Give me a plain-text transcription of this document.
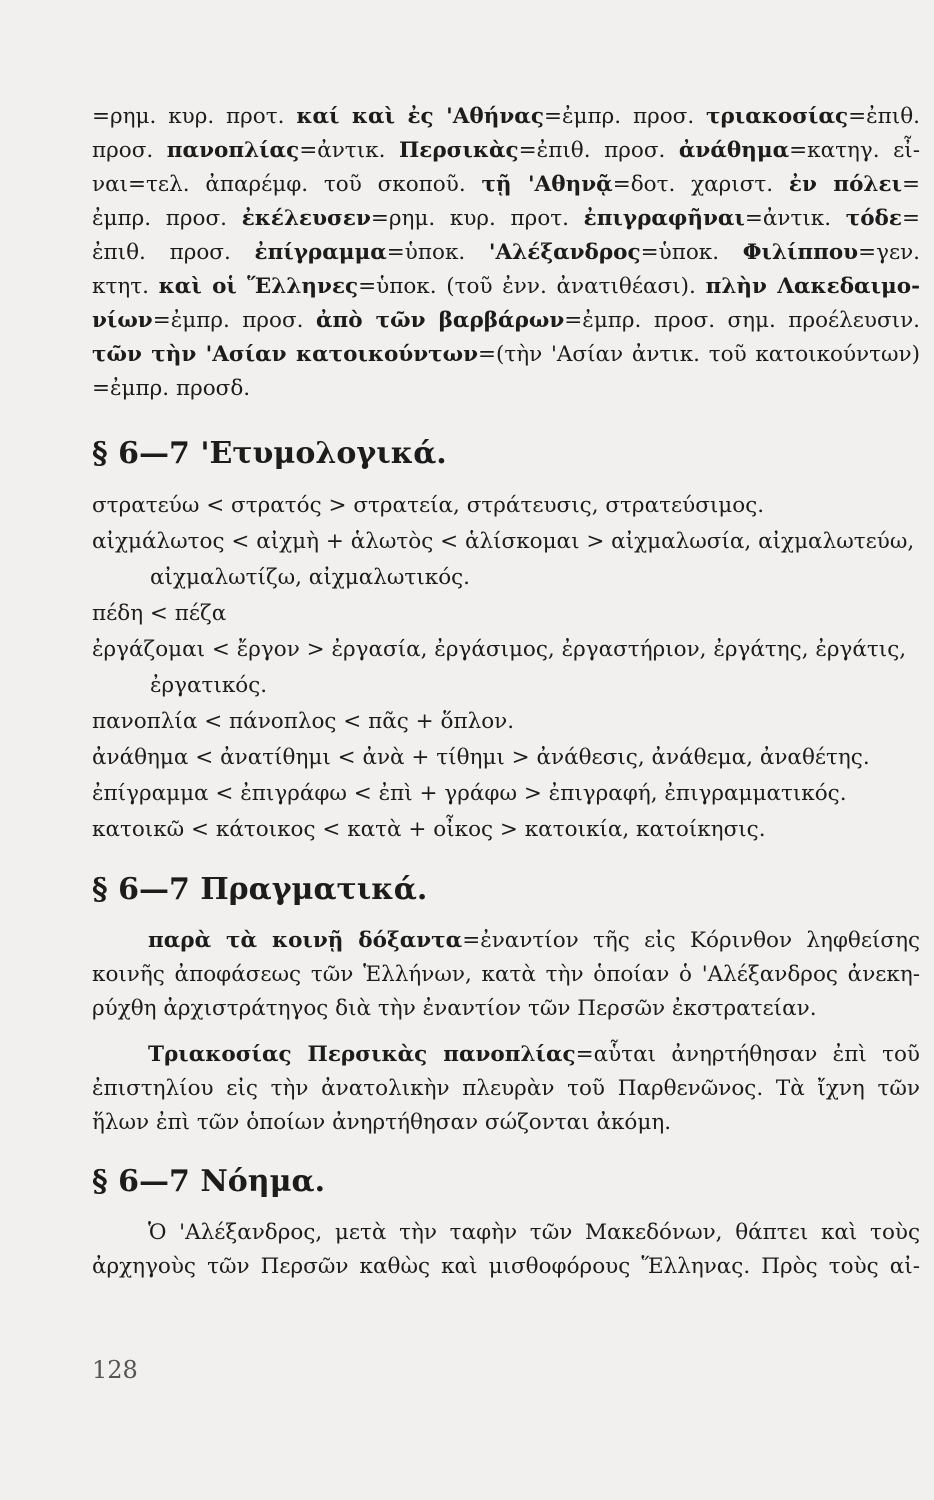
=ρημ. κυρ. προτ. καί καὶ ἐς 'Αθήνας=ἐμπρ. προσ. τριακοσίας=ἐπιθ.
προσ. πανοπλίας=ἀντικ. Περσικὰς=ἐπιθ. προσ. ἀνάθημα=κατηγ. εἶ-
ναι=τελ. ἀπαρέμφ. τοῦ σκοποῦ. τῇ 'Αθηνᾷ=δοτ. χαριστ. ἐν πόλει=
ἐμπρ. προσ. ἐκέλευσεν=ρημ. κυρ. προτ. ἐπιγραφῆναι=ἀντικ. τόδε=
ἐπιθ. προσ. ἐπίγραμμα=ὑποκ. 'Αλέξανδρος=ὑποκ. Φιλίππου=γεν.
κτητ. καὶ οἱ Ἕλληνες=ὑποκ. (τοῦ ἐνν. ἀνατιθέασι). πλὴν Λακεδαιμο-
νίων=ἐμπρ. προσ. ἀπὸ τῶν βαρβάρων=ἐμπρ. προσ. σημ. προέλευσιν.
τῶν τὴν 'Ασίαν κατοικούντων=(τὴν 'Ασίαν ἀντικ. τοῦ κατοικούντων)
=ἐμπρ. προσδ.
§ 6—7 'Ετυμολογικά.
στρατεύω < στρατός > στρατεία, στράτευσις, στρατεύσιμος.
αἰχμάλωτος < αἰχμὴ + ἁλωτὸς < ἁλίσκομαι > αἰχμαλωσία, αἰχμαλωτεύω,
αἰχμαλωτίζω, αἰχμαλωτικός.
πέδη < πέζα
ἐργάζομαι < ἔργον > ἐργασία, ἐργάσιμος, ἐργαστήριον, ἐργάτης, ἐργάτις,
ἐργατικός.
πανοπλία < πάνοπλος < πᾶς + ὅπλον.
ἀνάθημα < ἀνατίθημι < ἀνὰ + τίθημι > ἀνάθεσις, ἀνάθεμα, ἀναθέτης.
ἐπίγραμμα < ἐπιγράφω < ἐπὶ + γράφω > ἐπιγραφή, ἐπιγραμματικός.
κατοικῶ < κάτοικος < κατὰ + οἶκος > κατοικία, κατοίκησις.
§ 6—7 Πραγματικά.
παρὰ τὰ κοινῇ δόξαντα=ἐναντίον τῆς εἰς Κόρινθον ληφθείσης
κοινῆς ἀποφάσεως τῶν Ἑλλήνων, κατὰ τὴν ὁποίαν ὁ 'Αλέξανδρος ἀνεκη-
ρύχθη ἀρχιστράτηγος διὰ τὴν ἐναντίον τῶν Περσῶν ἐκστρατείαν.
Τριακοσίας Περσικὰς πανοπλίας=αὗται ἀνηρτήθησαν ἐπὶ τοῦ
ἐπιστηλίου εἰς τὴν ἀνατολικὴν πλευρὰν τοῦ Παρθενῶνος. Τὰ ἴχνη τῶν
ἥλων ἐπὶ τῶν ὁποίων ἀνηρτήθησαν σώζονται ἀκόμη.
§ 6—7 Νόημα.
Ὁ 'Αλέξανδρος, μετὰ τὴν ταφὴν τῶν Μακεδόνων, θάπτει καὶ τοὺς
ἀρχηγοὺς τῶν Περσῶν καθὼς καὶ μισθοφόρους Ἕλληνας. Πρὸς τοὺς αἰ-
128
